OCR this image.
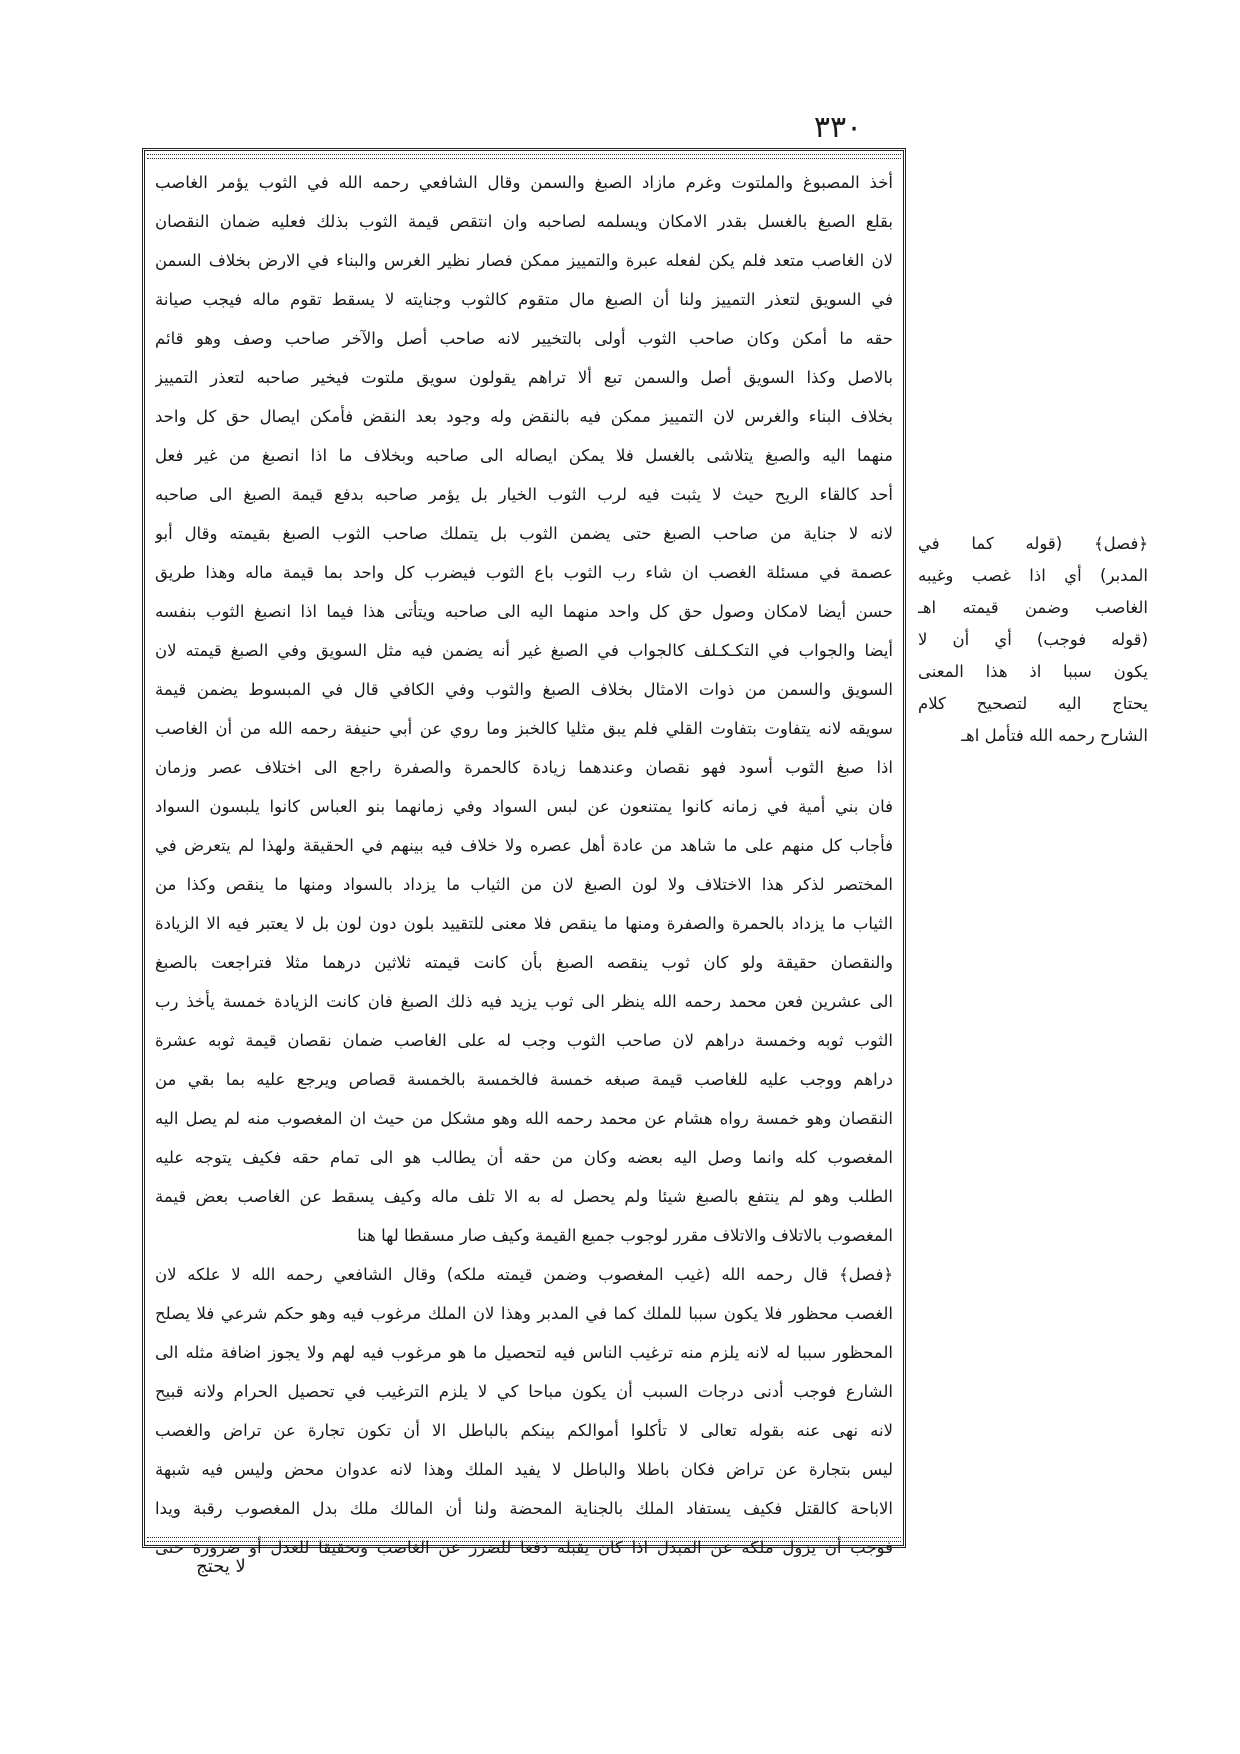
۳۳۰
أخذ المصبوغ والملتوت وغرم مازاد الصبغ والسمن وقال الشافعي رحمه الله في الثوب يؤمر الغاصب
بقلع الصبغ بالغسل بقدر الامكان ويسلمه لصاحبه وان انتقص قيمة الثوب بذلك فعليه ضمان النقصان
لان الغاصب متعد فلم يكن لفعله عبرة والتمييز ممكن فصار نظير الغرس والبناء في الارض بخلاف السمن
في السويق لتعذر التمييز ولنا أن الصبغ مال متقوم كالثوب وجنايته لا يسقط تقوم ماله فيجب صيانة
حقه ما أمكن وكان صاحب الثوب أولى بالتخيير لانه صاحب أصل والآخر صاحب وصف وهو قائم
بالاصل وكذا السويق أصل والسمن تبع ألا تراهم يقولون سويق ملتوت فيخير صاحبه لتعذر التمييز
بخلاف البناء والغرس لان التمييز ممكن فيه بالنقض وله وجود بعد النقض فأمكن ايصال حق كل واحد
منهما اليه والصبغ يتلاشى بالغسل فلا يمكن ايصاله الى صاحبه وبخلاف ما اذا انصبغ من غير فعل
أحد كالقاء الريح حيث لا يثبت فيه لرب الثوب الخيار بل يؤمر صاحبه بدفع قيمة الصبغ الى صاحبه
لانه لا جناية من صاحب الصبغ حتى يضمن الثوب بل يتملك صاحب الثوب الصبغ بقيمته وقال أبو
عصمة في مسئلة الغصب ان شاء رب الثوب باع الثوب فيضرب كل واحد بما قيمة ماله وهذا طريق
حسن أيضا لامكان وصول حق كل واحد منهما اليه الى صاحبه ويتأتى هذا فيما اذا انصبغ الثوب بنفسه
أيضا والجواب في التكـكـلف كالجواب في الصبغ غير أنه يضمن فيه مثل السويق وفي الصبغ قيمته لان
السويق والسمن من ذوات الامثال بخلاف الصبغ والثوب وفي الكافي قال في المبسوط يضمن قيمة
سويقه لانه يتفاوت بتفاوت القلي فلم يبق مثليا كالخبز وما روي عن أبي حنيفة رحمه الله من أن الغاصب
اذا صبغ الثوب أسود فهو نقصان وعندهما زيادة كالحمرة والصفرة راجع الى اختلاف عصر وزمان
فان بني أمية في زمانه كانوا يمتنعون عن لبس السواد وفي زمانهما بنو العباس كانوا يلبسون السواد
فأجاب كل منهم على ما شاهد من عادة أهل عصره ولا خلاف فيه بينهم في الحقيقة ولهذا لم يتعرض في
المختصر لذكر هذا الاختلاف ولا لون الصبغ لان من الثياب ما يزداد بالسواد ومنها ما ينقص وكذا من
الثياب ما يزداد بالحمرة والصفرة ومنها ما ينقص فلا معنى للتقييد بلون دون لون بل لا يعتبر فيه الا الزيادة
والنقصان حقيقة ولو كان ثوب ينقصه الصبغ بأن كانت قيمته ثلاثين درهما مثلا فتراجعت بالصبغ
الى عشرين فعن محمد رحمه الله ينظر الى ثوب يزيد فيه ذلك الصبغ فان كانت الزيادة خمسة يأخذ رب
الثوب ثوبه وخمسة دراهم لان صاحب الثوب وجب له على الغاصب ضمان نقصان قيمة ثوبه عشرة
دراهم ووجب عليه للغاصب قيمة صبغه خمسة فالخمسة بالخمسة قصاص ويرجع عليه بما بقي من
النقصان وهو خمسة رواه هشام عن محمد رحمه الله وهو مشكل من حيث ان المغصوب منه لم يصل اليه
المغصوب كله وانما وصل اليه بعضه وكان من حقه أن يطالب هو الى تمام حقه فكيف يتوجه عليه
الطلب وهو لم ينتفع بالصبغ شيئا ولم يحصل له به الا تلف ماله وكيف يسقط عن الغاصب بعض قيمة
المغصوب بالاتلاف والاتلاف مقرر لوجوب جميع القيمة وكيف صار مسقطا لها هنا
﴿فصل﴾ قال رحمه الله (غيب المغصوب وضمن قيمته ملكه) وقال الشافعي رحمه الله لا علكه لان
الغصب محظور فلا يكون سببا للملك كما في المدبر وهذا لان الملك مرغوب فيه وهو حكم شرعي فلا يصلح
المحظور سببا له لانه يلزم منه ترغيب الناس فيه لتحصيل ما هو مرغوب فيه لهم ولا يجوز اضافة مثله الى
الشارع فوجب أدنى درجات السبب أن يكون مباحا كي لا يلزم الترغيب في تحصيل الحرام ولانه قبيح
لانه نهى عنه بقوله تعالى لا تأكلوا أموالكم بينكم بالباطل الا أن تكون تجارة عن تراض والغصب
ليس بتجارة عن تراض فكان باطلا والباطل لا يفيد الملك وهذا لانه عدوان محض وليس فيه شبهة
الاباحة كالقتل فكيف يستفاد الملك بالجناية المحضة ولنا أن المالك ملك بدل المغصوب رقبة ويدا
فوجب أن يزول ملكه عن المبدل اذا كان يقبله دفعا للضرر عن الغاصب وتحقيقا للعدل أو ضرورة حتى
﴿فصل﴾ (قوله كما في
المدبر) أي اذا غصب وغيبه
الغاصب وضمن قيمته اهـ
(قوله فوجب) أي أن لا
يكون سببا اذ هذا المعنى
يحتاج اليه لتصحيح كلام
الشارح رحمه الله فتأمل اهـ
لا يحتج
